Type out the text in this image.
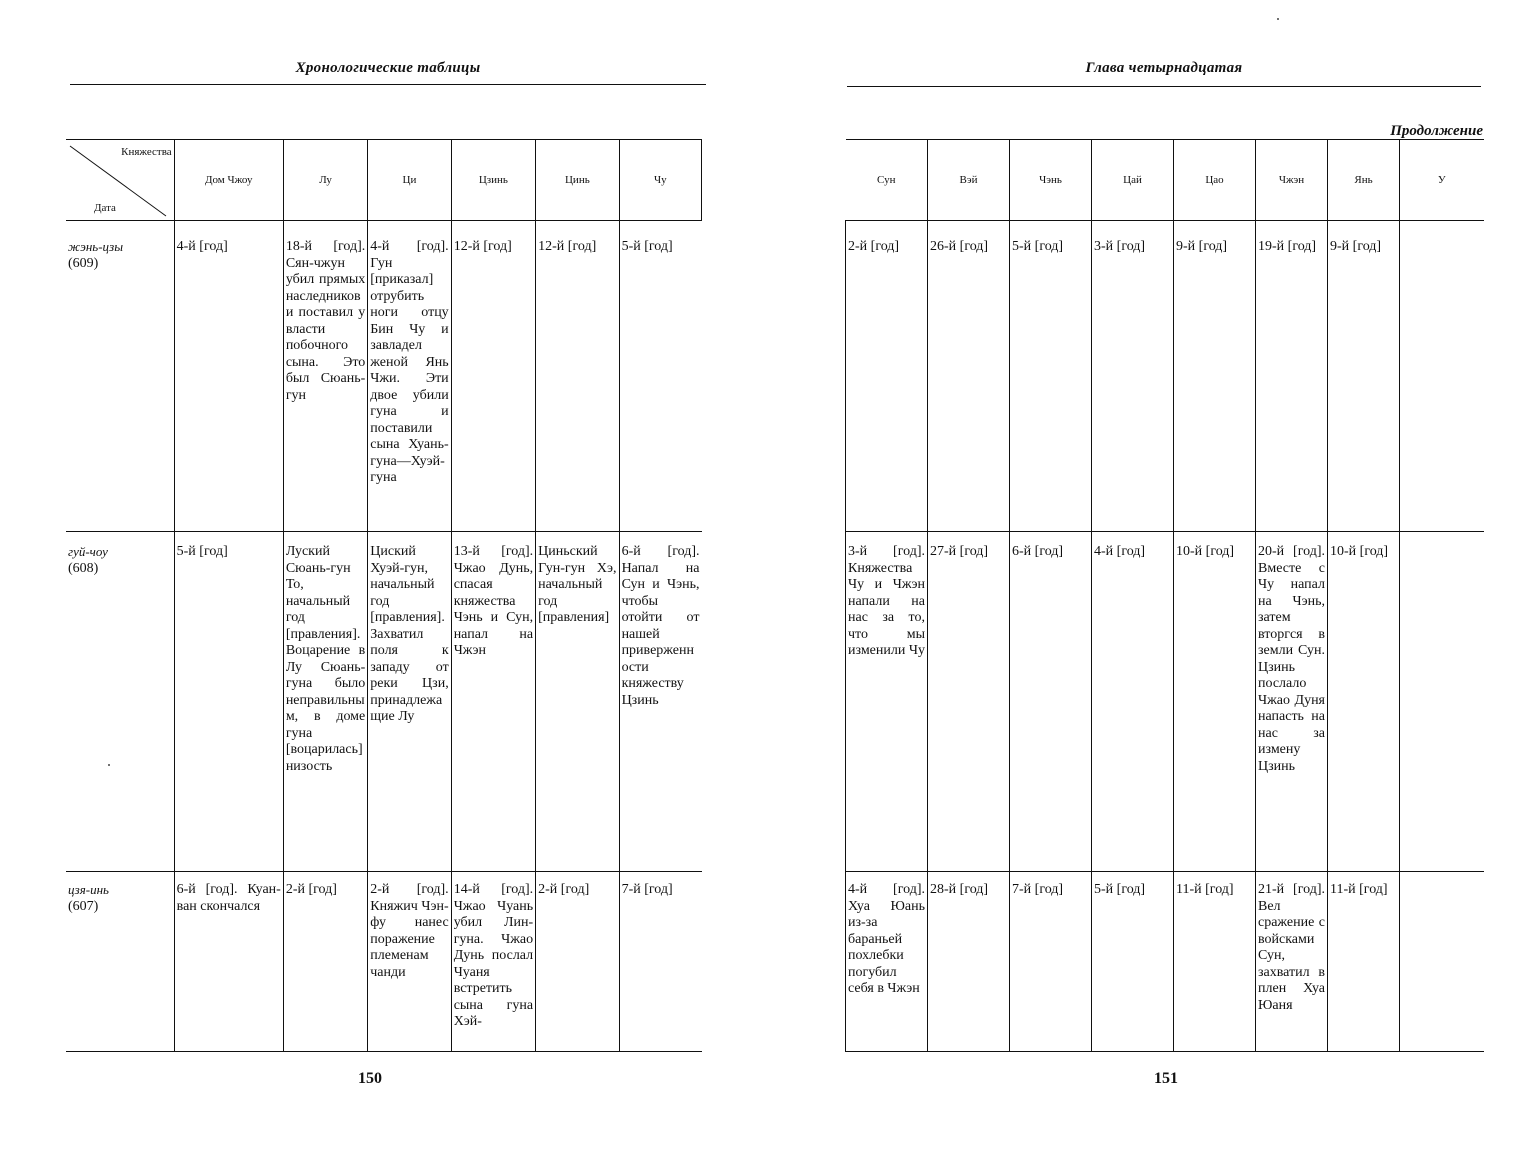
Хронологические таблицы
Княжества
Дата	Дом Чжоу	Лу	Ци	Цзинь	Цинь	Чу

жэнь-цзы
(609)	4-й [год]	18-й [год]. Сян-чжун убил прямых наследников и поставил у власти побочного сына. Это был Сюань-гун	4-й [год]. Гун [приказал] отрубить ноги отцу Бин Чу и завладел женой Янь Чжи. Эти двое убили гуна и поставили сына Хуань-гуна—Хуэй-гуна	12-й [год]	12-й [год]	5-й [год]

гуй-чоу
(608)	5-й [год]	Луский Сюань-гун То, начальный год [правления]. Воцарение в Лу Сюань-гуна было неправильным, в доме гуна [воцарилась] низость	Циский Хуэй-гун, начальный год [правления]. Захватил поля к западу от реки Цзи, принадлежащие Лу	13-й [год]. Чжао Дунь, спасая княжества Чэнь и Сун, напал на Чжэн	Циньский Гун-гун Хэ, начальный год [правления]	6-й [год]. Напал на Сун и Чэнь, чтобы отойти от нашей приверженности княжеству Цзинь

цзя-инь
(607)	6-й [год]. Куан-ван скончался	2-й [год]	2-й [год]. Княжич Чэн-фу нанес поражение племенам чанди	14-й [год]. Чжао Чуань убил Лин-гуна. Чжао Дунь послал Чуаня встретить сына гуна Хэй-	2-й [год]	7-й [год]
150
Глава четырнадцатая
Продолжение
Сун	Вэй	Чэнь	Цай	Цао	Чжэн	Янь	У
2-й [год]	26-й [год]	5-й [год]	3-й [год]	9-й [год]	19-й [год]	9-й [год]	
3-й [год]. Княжества Чу и Чжэн напали на нас за то, что мы изменили Чу	27-й [год]	6-й [год]	4-й [год]	10-й [год]	20-й [год]. Вместе с Чу напал на Чэнь, затем вторгся в земли Сун. Цзинь послало Чжао Дуня напасть на нас за измену Цзинь	10-й [год]	
4-й [год]. Хуа Юань из-за бараньей похлебки погубил себя в Чжэн	28-й [год]	7-й [год]	5-й [год]	11-й [год]	21-й [год]. Вел сражение с войсками Сун, захватил в плен Хуа Юаня	11-й [год]	
151
